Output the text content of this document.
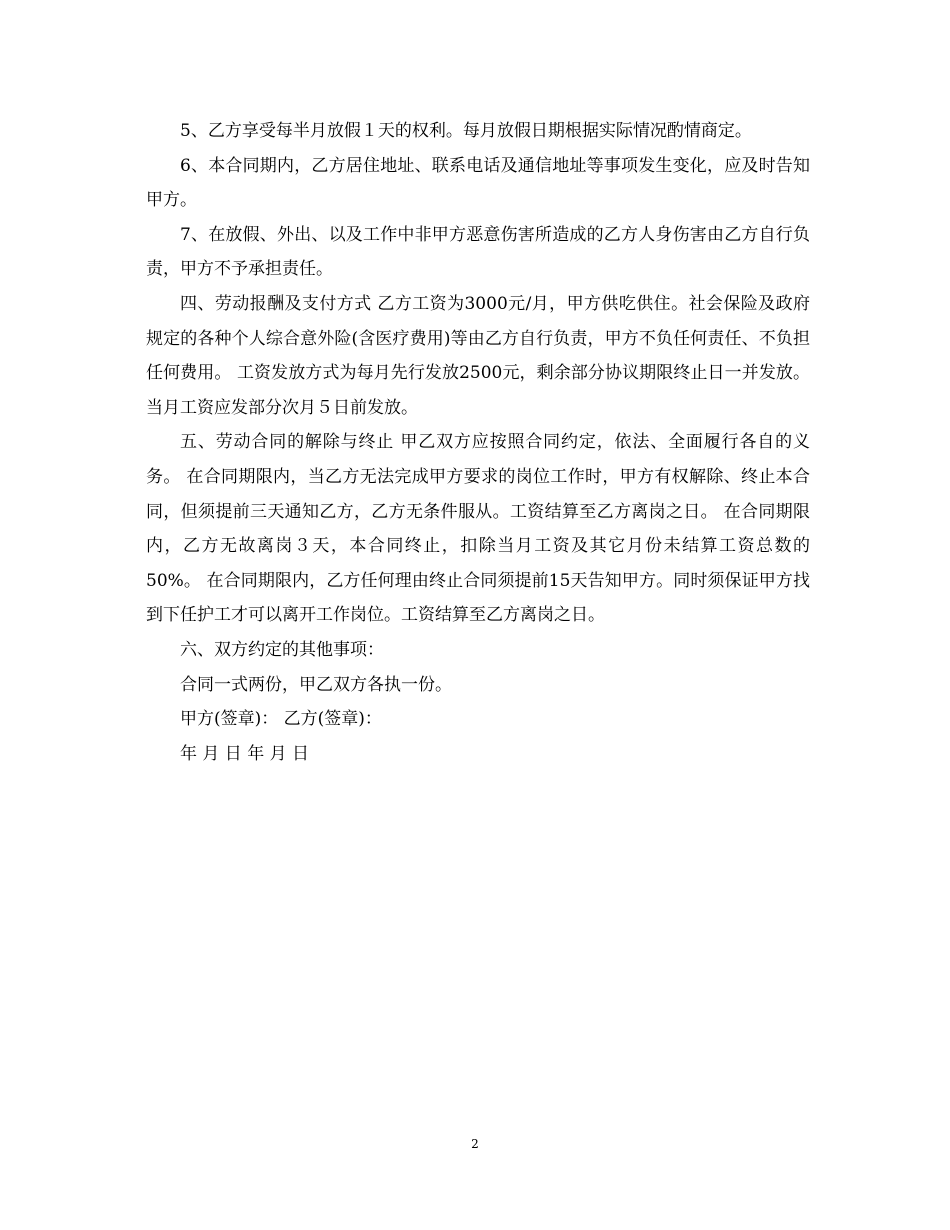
5、乙方享受每半月放假１天的权利。每月放假日期根据实际情况酌情商定。

6、本合同期内，乙方居住地址、联系电话及通信地址等事项发生变化，应及时告知甲方。

7、在放假、外出、以及工作中非甲方恶意伤害所造成的乙方人身伤害由乙方自行负责，甲方不予承担责任。

四、劳动报酬及支付方式 乙方工资为3000元/月，甲方供吃供住。社会保险及政府规定的各种个人综合意外险(含医疗费用)等由乙方自行负责，甲方不负任何责任、不负担任何费用。 工资发放方式为每月先行发放2500元，剩余部分协议期限终止日一并发放。当月工资应发部分次月５日前发放。

五、劳动合同的解除与终止 甲乙双方应按照合同约定，依法、全面履行各自的义务。 在合同期限内，当乙方无法完成甲方要求的岗位工作时，甲方有权解除、终止本合同，但须提前三天通知乙方，乙方无条件服从。工资结算至乙方离岗之日。 在合同期限内，乙方无故离岗３天，本合同终止，扣除当月工资及其它月份未结算工资总数的50%。 在合同期限内，乙方任何理由终止合同须提前15天告知甲方。同时须保证甲方找到下任护工才可以离开工作岗位。工资结算至乙方离岗之日。

六、双方约定的其他事项：

合同一式两份，甲乙双方各执一份。

甲方(签章)： 乙方(签章)：

年 月 日 年 月 日

2
